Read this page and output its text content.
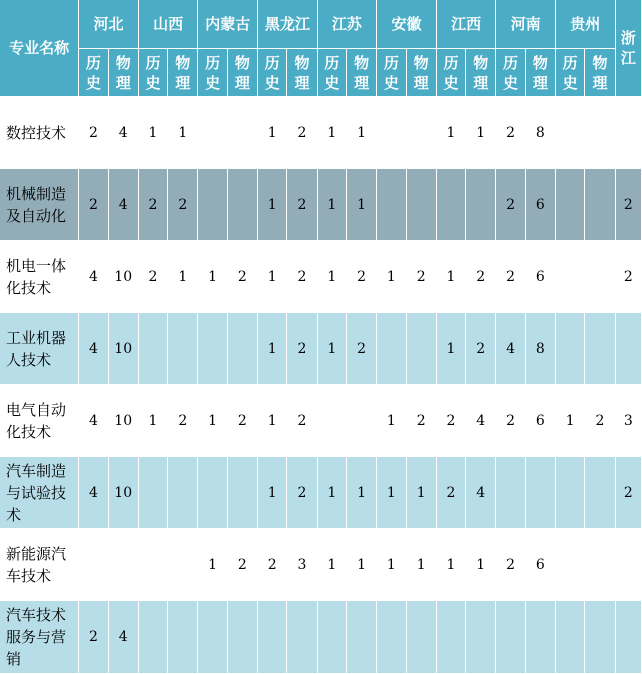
专业名称	河北		山西		内蒙古		黑龙江		江苏		安徽		江西		河南		贵州		浙江
	历史	物理	历史	物理	历史	物理	历史	物理	历史	物理	历史	物理	历史	物理	历史	物理	历史	物理	
数控技术	2	4	1	1			1	2	1	1			1	1	2	8			
机械制造及自动化	2	4	2	2			1	2	1	1					2	6			2
机电一体化技术	4	10	2	1	1	2	1	2	1	2	1	2	1	2	2	6			2
工业机器人技术	4	10					1	2	1	2			1	2	4	8			
电气自动化技术	4	10	1	2	1	2	1	2			1	2	2	4	2	6	1	2	3
汽车制造与试验技术	4	10					1	2	1	1	1	1	2	4					2
新能源汽车技术					1	2	2	3	1	1	1	1	1	1	2	6			
汽车技术服务与营销	2	4																	
